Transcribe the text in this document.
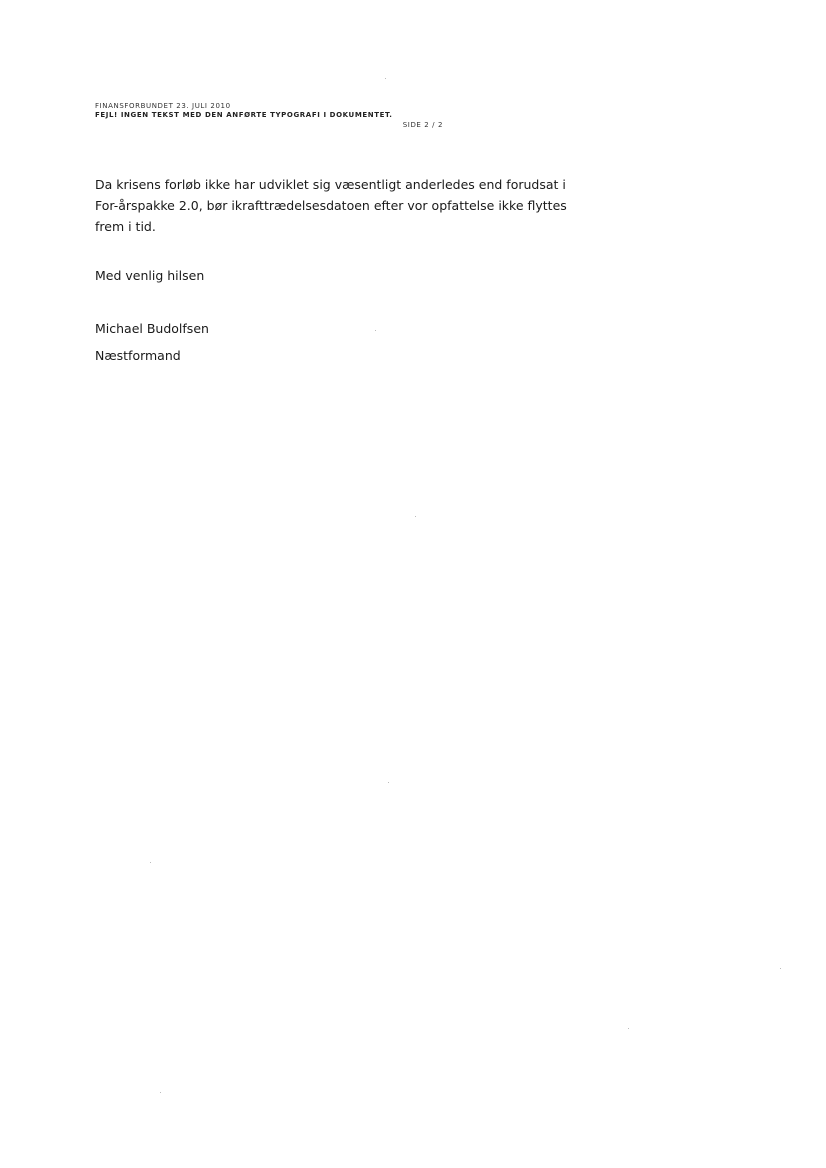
FINANSFORBUNDET 23. JULI 2010
FEJL! INGEN TEKST MED DEN ANFØRTE TYPOGRAFI I DOKUMENTET.
SIDE 2 / 2

Da krisens forløb ikke har udviklet sig væsentligt anderledes end forudsat i For-årspakke 2.0, bør ikrafttrædelsesdatoen efter vor opfattelse ikke flyttes frem i tid.

Med venlig hilsen
Michael Budolfsen
Næstformand
